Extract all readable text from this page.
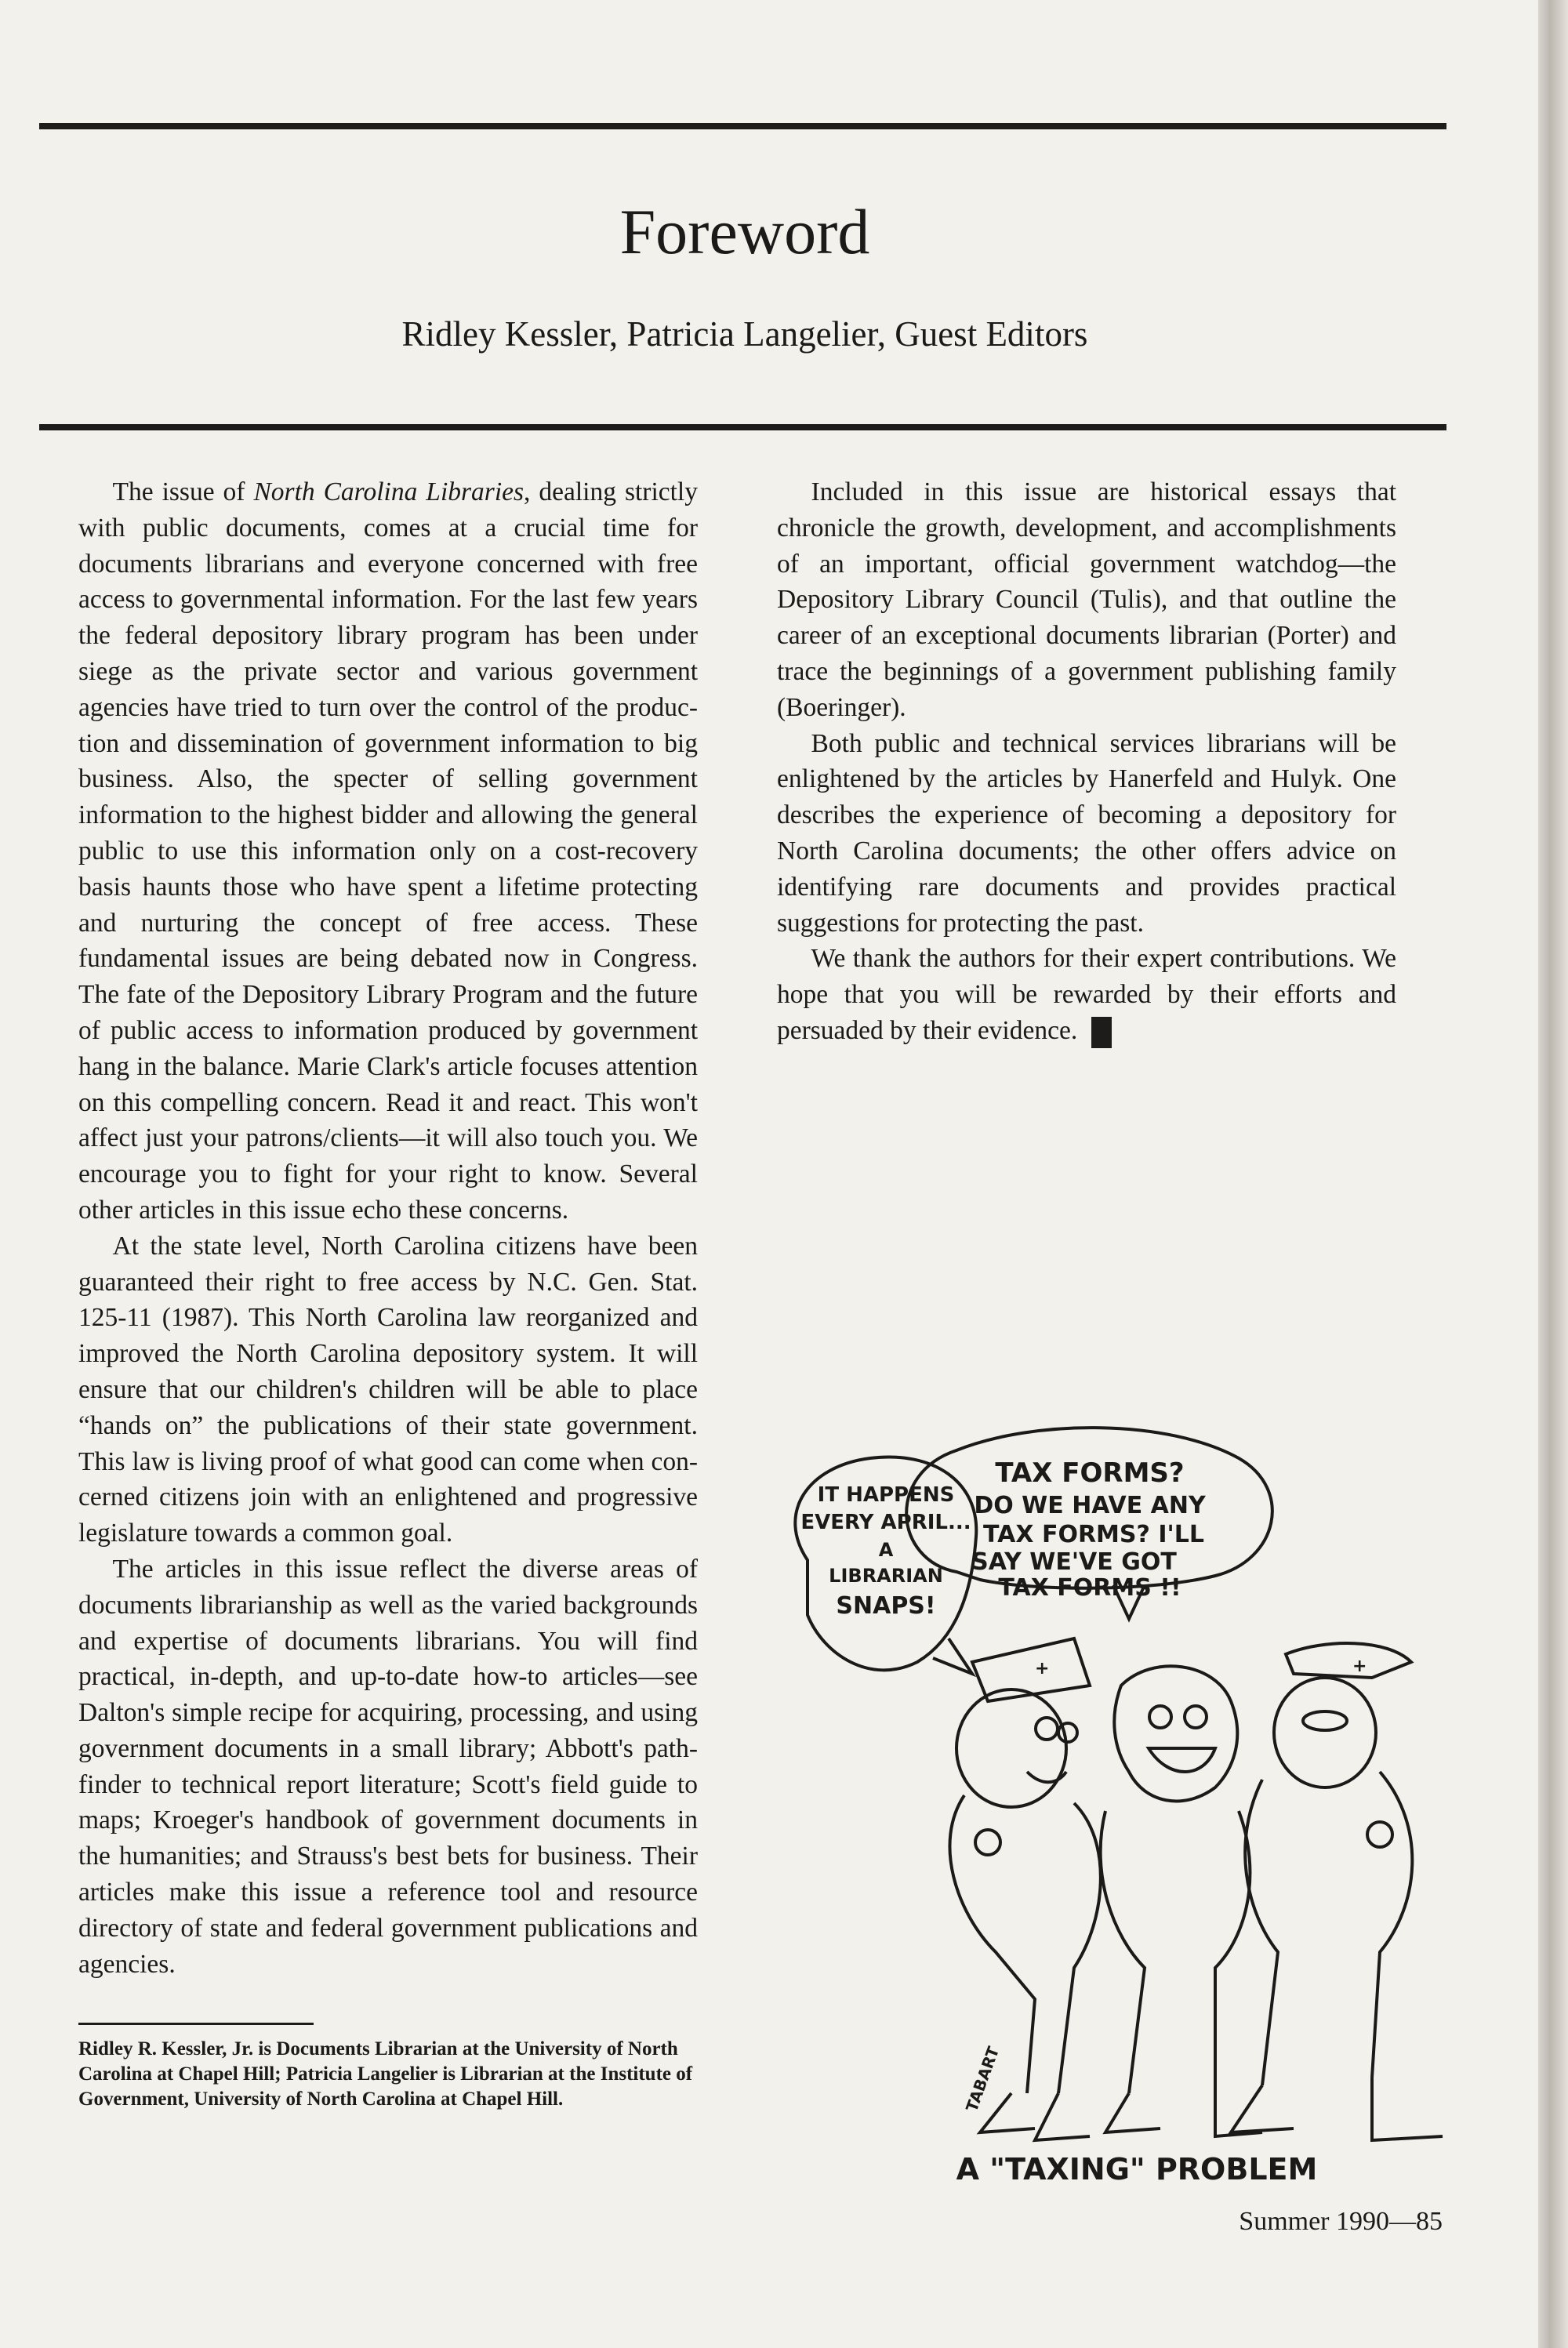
Foreword

Ridley Kessler, Patricia Langelier, Guest Editors

The issue of North Carolina Libraries, dealing strictly with public documents, comes at a crucial time for documents librarians and everyone concerned with free access to governmental information. For the last few years the federal depository library program has been under siege as the private sector and various government agencies have tried to turn over the control of the production and dissemination of government information to big business. Also, the specter of selling government information to the highest bidder and allowing the general public to use this information only on a cost-recovery basis haunts those who have spent a lifetime protecting and nurturing the concept of free access. These fundamental issues are being debated now in Congress. The fate of the Depository Library Program and the future of public access to information produced by government hang in the balance. Marie Clark's article focuses attention on this compelling concern. Read it and react. This won't affect just your patrons/clients—it will also touch you. We encourage you to fight for your right to know. Several other articles in this issue echo these concerns.

At the state level, North Carolina citizens have been guaranteed their right to free access by N.C. Gen. Stat. 125-11 (1987). This North Carolina law reorganized and improved the North Carolina depository system. It will ensure that our children's children will be able to place “hands on” the publications of their state government. This law is living proof of what good can come when concerned citizens join with an enlightened and progressive legislature towards a common goal.

The articles in this issue reflect the diverse areas of documents librarianship as well as the varied backgrounds and expertise of documents librarians. You will find practical, in-depth, and up-to-date how-to articles—see Dalton's simple recipe for acquiring, processing, and using government documents in a small library; Abbott's pathfinder to technical report literature; Scott's field guide to maps; Kroeger's handbook of government documents in the humanities; and Strauss's best bets for business. Their articles make this issue a reference tool and resource directory of state and federal government publications and agencies.

Included in this issue are historical essays that chronicle the growth, development, and accomplishments of an important, official government watchdog—the Depository Library Council (Tulis), and that outline the career of an exceptional documents librarian (Porter) and trace the beginnings of a government publishing family (Boeringer).

Both public and technical services librarians will be enlightened by the articles by Hanerfeld and Hulyk. One describes the experience of becoming a depository for North Carolina documents; the other offers advice on identifying rare documents and provides practical suggestions for protecting the past.

We thank the authors for their expert contributions. We hope that you will be rewarded by their efforts and persuaded by their evidence.	nl

Ridley R. Kessler, Jr. is Documents Librarian at the University of North Carolina at Chapel Hill; Patricia Langelier is Librarian at the Institute of Government, University of North Carolina at Chapel Hill.

TAX FORMS?
DO WE HAVE ANY
TAX FORMS? I'LL
SAY WE'VE GOT
TAX FORMS !!
IT HAPPENS
EVERY APRIL...
A
LIBRARIAN
SNAPS!
+	+
TABART
A "TAXING" PROBLEM

Summer 1990—85
